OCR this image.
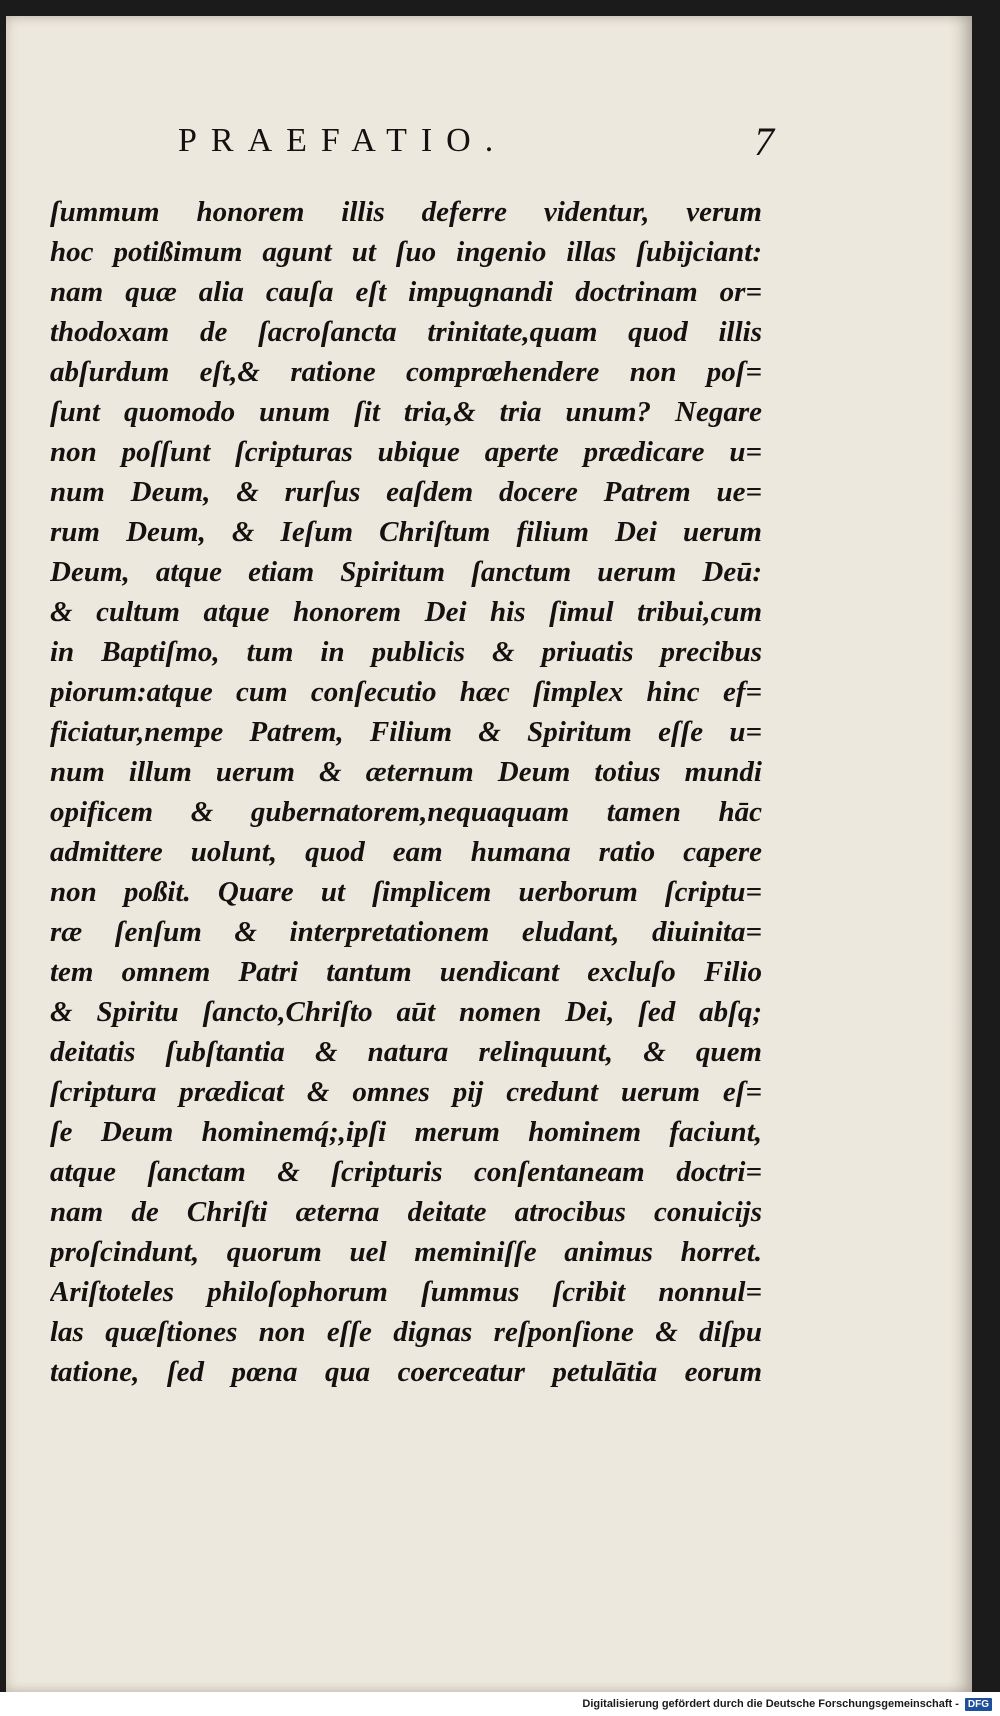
PRAEFATIO.	7
ſummum honorem illis deferre videntur, verum
hoc potißimum agunt ut ſuo ingenio illas ſubijciant:
nam quæ alia cauſa eſt impugnandi doctrinam or=
thodoxam de ſacroſancta trinitate,quam quod illis
abſurdum eſt,& ratione comprœhendere non poſ=
ſunt quomodo unum ſit tria,& tria unum? Negare
non poſſunt ſcripturas ubique aperte prædicare u=
num Deum, & rurſus eaſdem docere Patrem ue=
rum Deum, & Ieſum Chriſtum filium Dei uerum
Deum, atque etiam Spiritum ſanctum uerum Deū:
& cultum atque honorem Dei his ſimul tribui,cum
in Baptiſmo, tum in publicis & priuatis precibus
piorum:atque cum conſecutio hæc ſimplex hinc ef=
ficiatur,nempe Patrem, Filium & Spiritum eſſe u=
num illum uerum & æternum Deum totius mundi
opificem & gubernatorem,nequaquam tamen hāc
admittere uolunt, quod eam humana ratio capere
non poßit. Quare ut ſimplicem uerborum ſcriptu=
ræ ſenſum & interpretationem eludant, diuinita=
tem omnem Patri tantum uendicant excluſo Filio
& Spiritu ſancto,Chriſto aūt nomen Dei, ſed abſq;
deitatis ſubſtantia & natura relinquunt, & quem
ſcriptura prædicat & omnes pij credunt uerum eſ=
ſe Deum hominemq́;,ipſi merum hominem faciunt,
atque ſanctam & ſcripturis conſentaneam doctri=
nam de Chriſti æterna deitate atrocibus conuicijs
proſcindunt, quorum uel meminiſſe animus horret.
Ariſtoteles philoſophorum ſummus ſcribit nonnul=
las quæſtiones non eſſe dignas reſponſione & diſpu
tatione, ſed pœna qua coerceatur petulātia eorum
Digitalisierung gefördert durch die Deutsche Forschungsgemeinschaft - DFG
